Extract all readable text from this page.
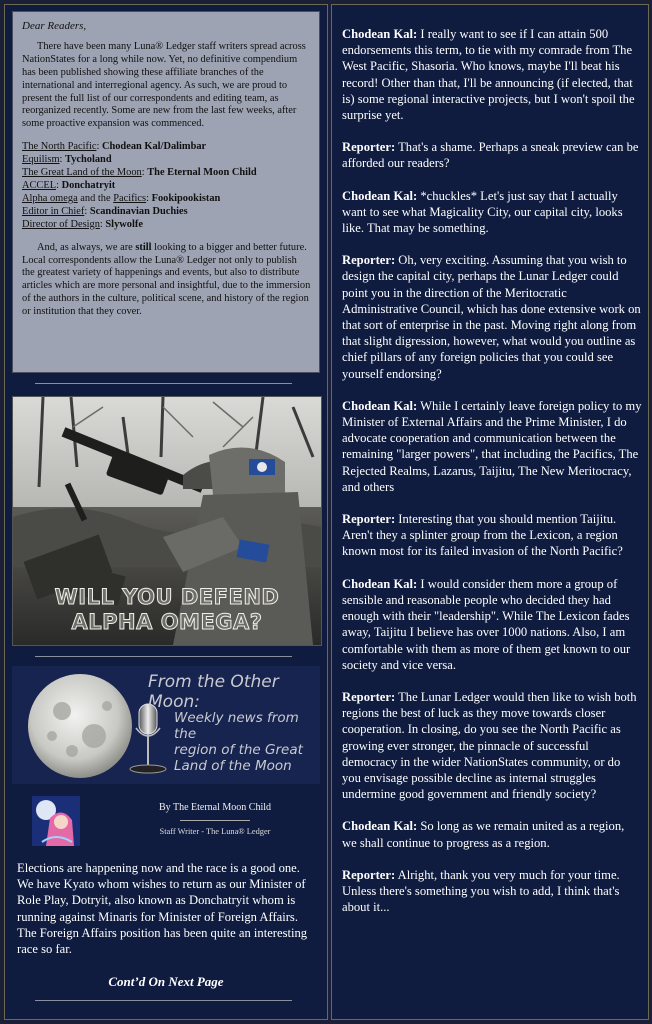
Dear Readers,

There have been many Luna® Ledger staff writers spread across NationStates for a long while now. Yet, no definitive compendium has been published showing these affiliate branches of the international and interregional agency. As such, we are proud to present the full list of our correspondents and editing team, as reorganized recently. Some are new from the last few weeks, after some proactive expansion was commenced.

The North Pacific: Chodean Kal/Dalimbar
Equilism: Tycholand
The Great Land of the Moon: The Eternal Moon Child
ACCEL: Donchatryit
Alpha omega and the Pacifics: Fookipookistan
Editor in Chief: Scandinavian Duchies
Director of Design: Slywolfe

And, as always, we are still looking to a bigger and better future. Local correspondents allow the Luna® Ledger not only to publish the greatest variety of happenings and events, but also to distribute articles which are more personal and insightful, due to the immersion of the authors in the culture, political scene, and history of the region or institution that they cover.

WILL YOU DEFEND
ALPHA OMEGA?
From the Other Moon:
Weekly news from the
region of the Great
Land of the Moon
By The Eternal Moon Child
Staff Writer - The Luna® Ledger

Elections are happening now and the race is a good one. We have Kyato whom wishes to return as our Minister of Role Play, Dotryit, also known as Donchatryit whom is running against Minaris for Minister of Foreign Affairs. The Foreign Affairs position has been quite an interesting race so far.

Cont’d On Next Page

Chodean Kal: I really want to see if I can attain 500 endorsements this term, to tie with my comrade from The West Pacific, Shasoria. Who knows, maybe I'll beat his record! Other than that, I'll be announcing (if elected, that is) some regional interactive projects, but I won't spoil the surprise yet.

Reporter: That's a shame. Perhaps a sneak preview can be afforded our readers?

Chodean Kal: *chuckles* Let's just say that I actually want to see what Magicality City, our capital city, looks like. That may be something.

Reporter: Oh, very exciting. Assuming that you wish to design the capital city, perhaps the Lunar Ledger could point you in the direction of the Meritocratic Administrative Council, which has done extensive work on that sort of enterprise in the past. Moving right along from that slight digression, however, what would you outline as chief pillars of any foreign policies that you could see yourself endorsing?

Chodean Kal: While I certainly leave foreign policy to my Minister of External Affairs and the Prime Minister, I do advocate cooperation and communication between the remaining "larger powers", that including the Pacifics, The Rejected Realms, Lazarus, Taijitu, The New Meritocracy, and others

Reporter: Interesting that you should mention Taijitu. Aren't they a splinter group from the Lexicon, a region known most for its failed invasion of the North Pacific?

Chodean Kal: I would consider them more a group of sensible and reasonable people who decided they had enough with their "leadership". While The Lexicon fades away, Taijitu I believe has over 1000 nations. Also, I am comfortable with them as more of them get known to our society and vice versa.

Reporter: The Lunar Ledger would then like to wish both regions the best of luck as they move towards closer cooperation. In closing, do you see the North Pacific as growing ever stronger, the pinnacle of successful democracy in the wider NationStates community, or do you envisage possible decline as internal struggles undermine good government and friendly society?

Chodean Kal: So long as we remain united as a region, we shall continue to progress as a region.

Reporter: Alright, thank you very much for your time. Unless there's something you wish to add, I think that's about it...
